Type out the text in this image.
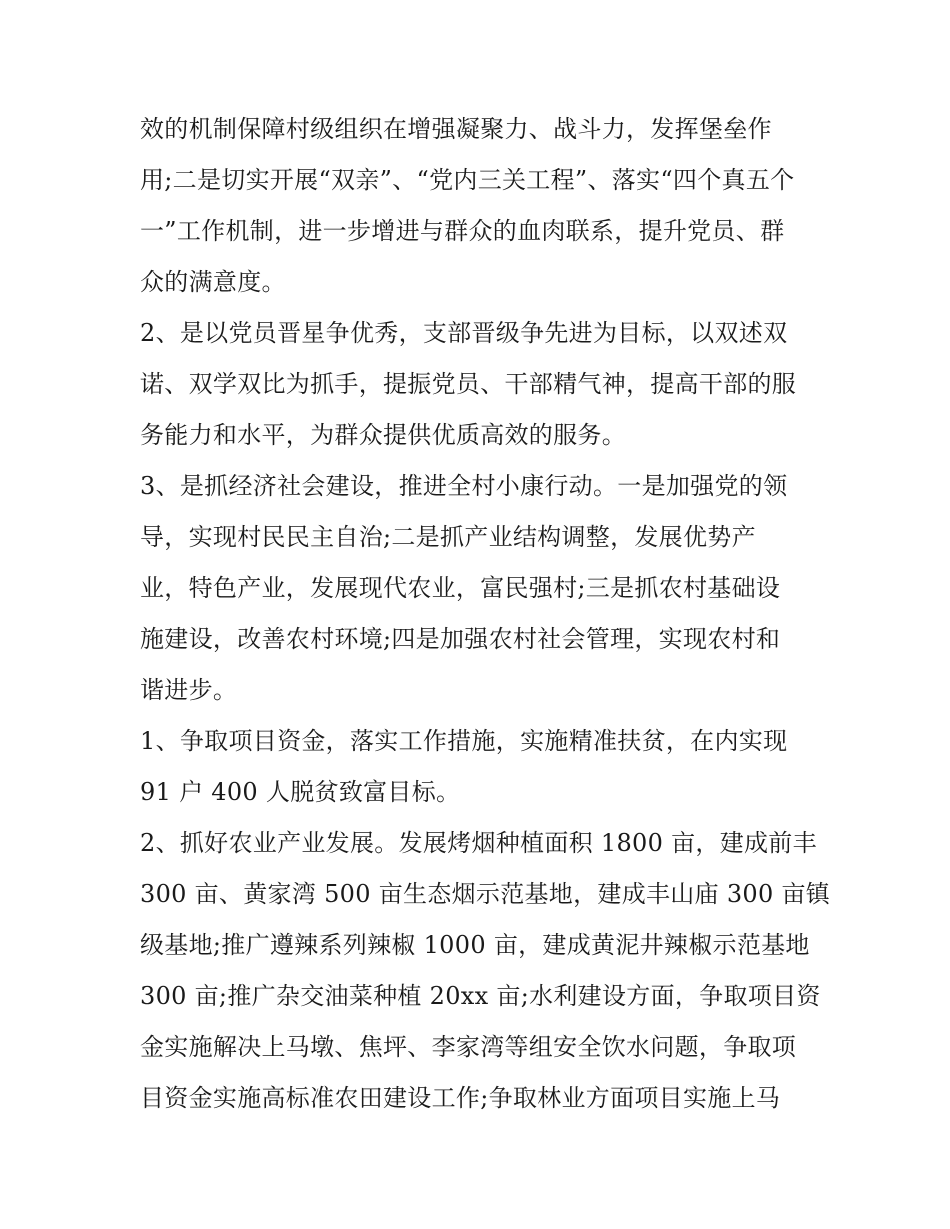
效的机制保障村级组织在增强凝聚力、战斗力，发挥堡垒作
用;二是切实开展“双亲”、“党内三关工程”、落实“四个真五个
一”工作机制，进一步增进与群众的血肉联系，提升党员、群
众的满意度。
2、是以党员晋星争优秀，支部晋级争先进为目标，以双述双
诺、双学双比为抓手，提振党员、干部精气神，提高干部的服
务能力和水平，为群众提供优质高效的服务。
3、是抓经济社会建设，推进全村小康行动。一是加强党的领
导，实现村民民主自治;二是抓产业结构调整，发展优势产
业，特色产业，发展现代农业，富民强村;三是抓农村基础设
施建设，改善农村环境;四是加强农村社会管理，实现农村和
谐进步。
1、争取项目资金，落实工作措施，实施精准扶贫，在内实现
91 户 400 人脱贫致富目标。
2、抓好农业产业发展。发展烤烟种植面积 1800 亩，建成前丰
300 亩、黄家湾 500 亩生态烟示范基地，建成丰山庙 300 亩镇
级基地;推广遵辣系列辣椒 1000 亩，建成黄泥井辣椒示范基地
300 亩;推广杂交油菜种植 20xx 亩;水利建设方面，争取项目资
金实施解决上马墩、焦坪、李家湾等组安全饮水问题，争取项
目资金实施高标准农田建设工作;争取林业方面项目实施上马
